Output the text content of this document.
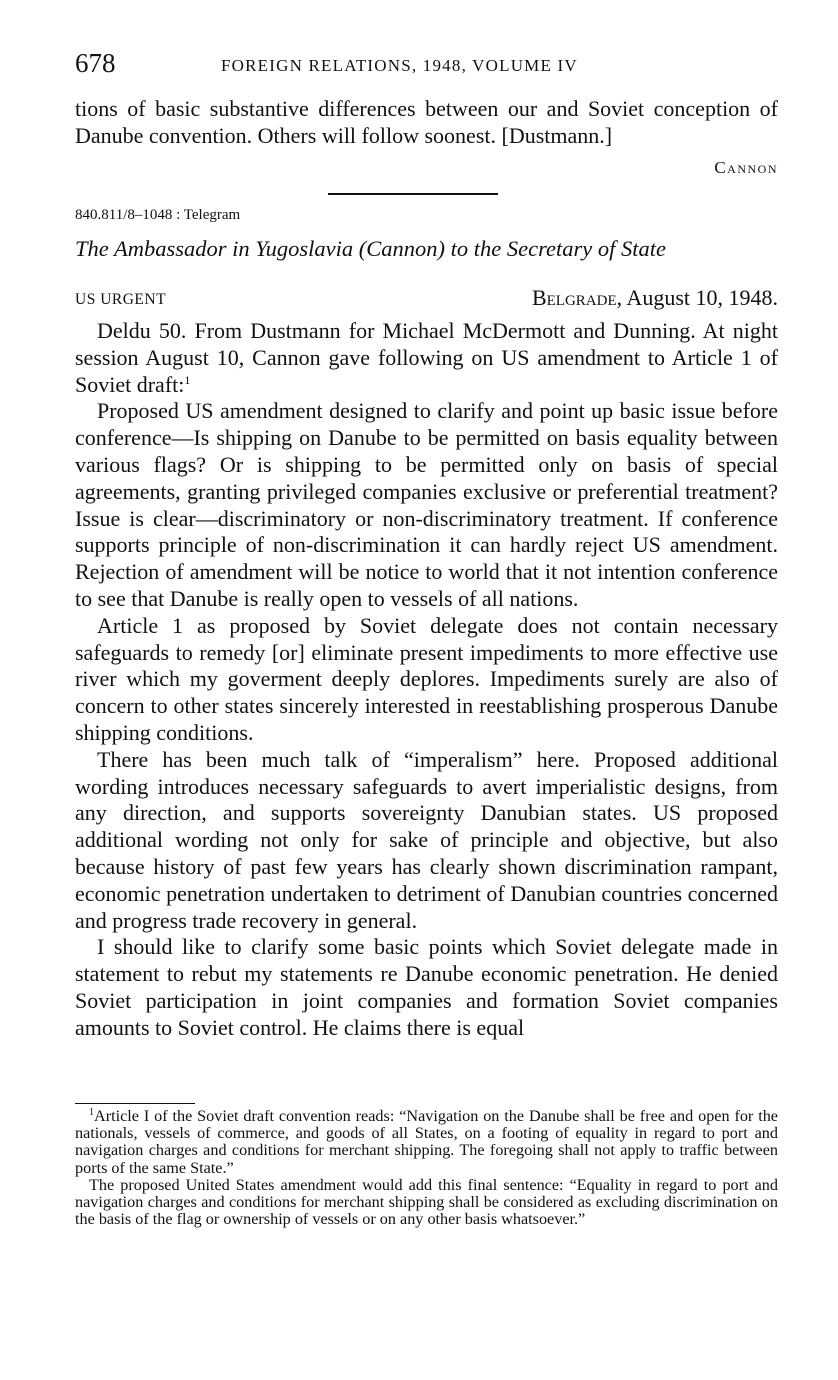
678	FOREIGN RELATIONS, 1948, VOLUME IV
tions of basic substantive differences between our and Soviet conception of Danube convention. Others will follow soonest. [Dustmann.]
Cannon
840.811/8–1048 : Telegram
The Ambassador in Yugoslavia (Cannon) to the Secretary of State
US URGENT	Belgrade, August 10, 1948.

Deldu 50. From Dustmann for Michael McDermott and Dunning. At night session August 10, Cannon gave following on US amendment to Article 1 of Soviet draft:$^1$

Proposed US amendment designed to clarify and point up basic issue before conference—Is shipping on Danube to be permitted on basis equality between various flags? Or is shipping to be permitted only on basis of special agreements, granting privileged companies exclusive or preferential treatment? Issue is clear—discriminatory or non-discriminatory treatment. If conference supports principle of non-discrimination it can hardly reject US amendment. Rejection of amendment will be notice to world that it not intention conference to see that Danube is really open to vessels of all nations.

Article 1 as proposed by Soviet delegate does not contain necessary safeguards to remedy [or] eliminate present impediments to more effective use river which my goverment deeply deplores. Impediments surely are also of concern to other states sincerely interested in reestablishing prosperous Danube shipping conditions.

There has been much talk of “imperalism” here. Proposed additional wording introduces necessary safeguards to avert imperialistic designs, from any direction, and supports sovereignty Danubian states. US proposed additional wording not only for sake of principle and objective, but also because history of past few years has clearly shown discrimination rampant, economic penetration undertaken to detriment of Danubian countries concerned and progress trade recovery in general.

I should like to clarify some basic points which Soviet delegate made in statement to rebut my statements re Danube economic penetration. He denied Soviet participation in joint companies and formation Soviet companies amounts to Soviet control. He claims there is equal

$^1$Article I of the Soviet draft convention reads: “Navigation on the Danube shall be free and open for the nationals, vessels of commerce, and goods of all States, on a footing of equality in regard to port and navigation charges and conditions for merchant shipping. The foregoing shall not apply to traffic between ports of the same State.”

The proposed United States amendment would add this final sentence: “Equality in regard to port and navigation charges and conditions for merchant shipping shall be considered as excluding discrimination on the basis of the flag or ownership of vessels or on any other basis whatsoever.”
